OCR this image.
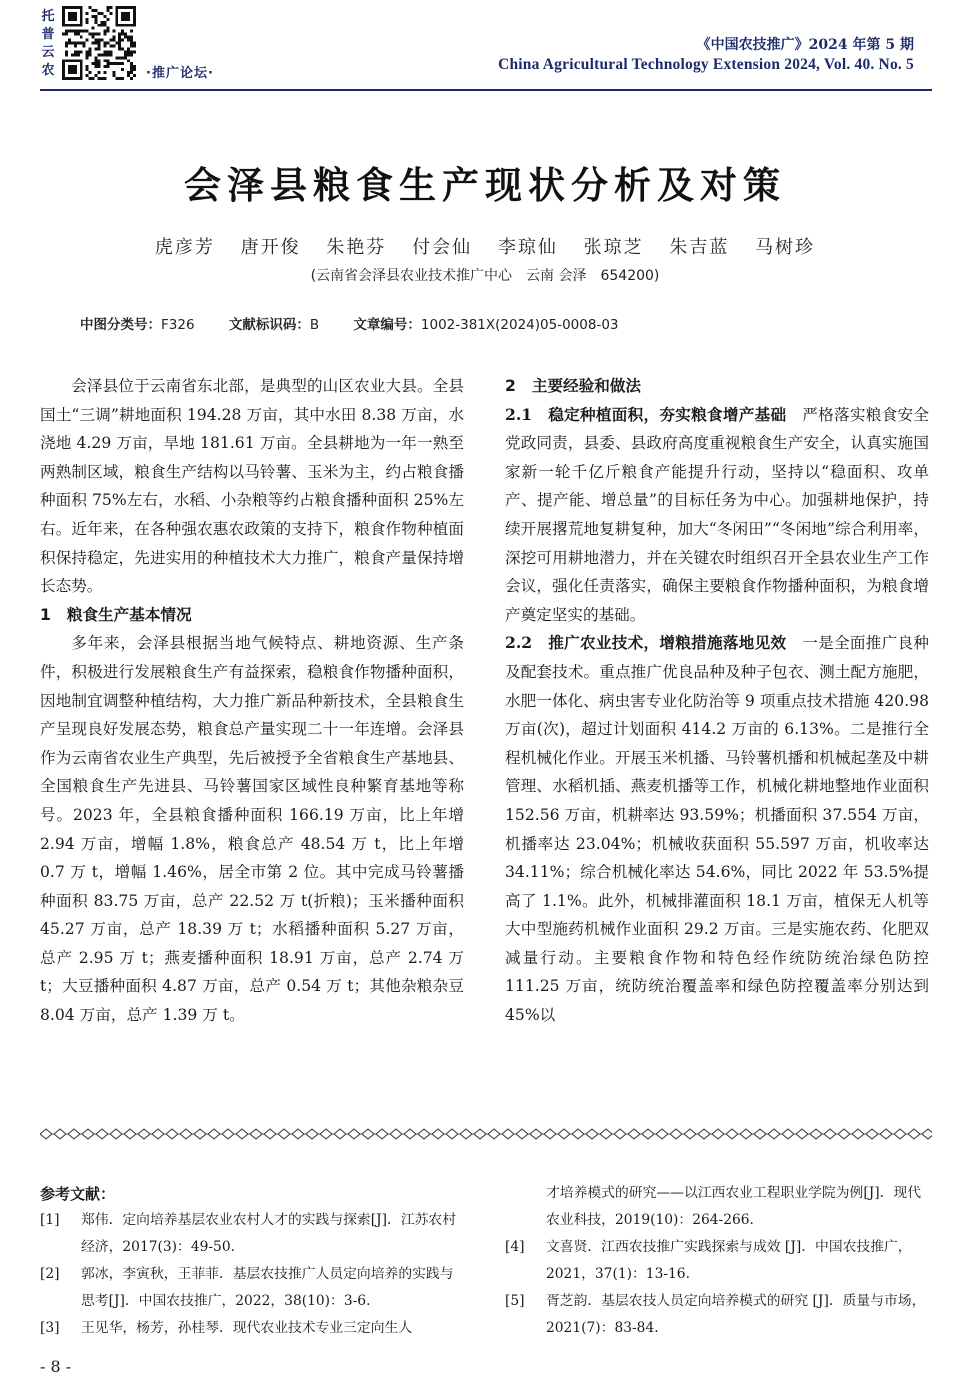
托
普
云
农	·推广论坛·
《中国农技推广》2024 年第 5 期
China Agricultural Technology Extension 2024, Vol. 40. No. 5
会泽县粮食生产现状分析及对策
虎彦芳 唐开俊 朱艳芬 付会仙 李琼仙 张琼芝 朱吉蓝 马树珍
(云南省会泽县农业技术推广中心　云南 会泽　654200)
中图分类号：F326	文献标识码：B	文章编号：1002-381X(2024)05-0008-03

会泽县位于云南省东北部，是典型的山区农业大县。全县国土“三调”耕地面积 194.28 万亩，其中水田 8.38 万亩，水浇地 4.29 万亩，旱地 181.61 万亩。全县耕地为一年一熟至两熟制区域，粮食生产结构以马铃薯、玉米为主，约占粮食播种面积 75%左右，水稻、小杂粮等约占粮食播种面积 25%左右。近年来，在各种强农惠农政策的支持下，粮食作物种植面积保持稳定，先进实用的种植技术大力推广，粮食产量保持增长态势。

1 粮食生产基本情况

多年来，会泽县根据当地气候特点、耕地资源、生产条件，积极进行发展粮食生产有益探索，稳粮食作物播种面积，因地制宜调整种植结构，大力推广新品种新技术，全县粮食生产呈现良好发展态势，粮食总产量实现二十一年连增。会泽县作为云南省农业生产典型，先后被授予全省粮食生产基地县、全国粮食生产先进县、马铃薯国家区域性良种繁育基地等称号。2023 年，全县粮食播种面积 166.19 万亩，比上年增 2.94 万亩，增幅 1.8%，粮食总产 48.54 万 t，比上年增 0.7 万 t，增幅 1.46%，居全市第 2 位。其中完成马铃薯播种面积 83.75 万亩，总产 22.52 万 t(折粮)；玉米播种面积 45.27 万亩，总产 18.39 万 t；水稻播种面积 5.27 万亩，总产 2.95 万 t；燕麦播种面积 18.91 万亩，总产 2.74 万 t；大豆播种面积 4.87 万亩，总产 0.54 万 t；其他杂粮杂豆 8.04 万亩，总产 1.39 万 t。

2 主要经验和做法

2.1　 稳定种植面积，夯实粮食增产基础　 严格落实粮食安全党政同责，县委、县政府高度重视粮食生产安全，认真实施国家新一轮千亿斤粮食产能提升行动，坚持以“稳面积、攻单产、提产能、增总量”的目标任务为中心。加强耕地保护，持续开展撂荒地复耕复种，加大“冬闲田”“冬闲地”综合利用率，深挖可用耕地潜力，并在关键农时组织召开全县农业生产工作会议，强化任责落实，确保主要粮食作物播种面积，为粮食增产奠定坚实的基础。

2.2　 推广农业技术，增粮措施落地见效　 一是全面推广良种及配套技术。重点推广优良品种及种子包衣、测土配方施肥，水肥一体化、病虫害专业化防治等 9 项重点技术措施 420.98 万亩(次)，超过计划面积 414.2 万亩的 6.13%。二是推行全程机械化作业。开展玉米机播、马铃薯机播和机械起垄及中耕管理、水稻机插、燕麦机播等工作，机械化耕地整地作业面积 152.56 万亩，机耕率达 93.59%；机播面积 37.554 万亩，机播率达 23.04%；机械收获面积 55.597 万亩，机收率达 34.11%；综合机械化率达 54.6%，同比 2022 年 53.5%提高了 1.1%。此外，机械排灌面积 18.1 万亩，植保无人机等大中型施药机械作业面积 29.2 万亩。三是实施农药、化肥双减量行动。主要粮食作物和特色经作统防统治绿色防控 111.25 万亩，统防统治覆盖率和绿色防控覆盖率分别达到 45%以

参考文献：
[1] 郑伟．定向培养基层农业农村人才的实践与探索[J]．江苏农村经济，2017(3)：49-50.
[2] 郭冰，李寅秋，王菲菲．基层农技推广人员定向培养的实践与思考[J]．中国农技推广，2022，38(10)：3-6.
[3] 王见华，杨芳，孙桂琴．现代农业技术专业三定向生人
才培养模式的研究——以江西农业工程职业学院为例[J]．现代农业科技，2019(10)：264-266.
[4] 文喜贤．江西农技推广实践探索与成效 [J]．中国农技推广，2021，37(1)：13-16.
[5] 胥芝韵．基层农技人员定向培养模式的研究 [J]．质量与市场，2021(7)：83-84.
- 8 -
